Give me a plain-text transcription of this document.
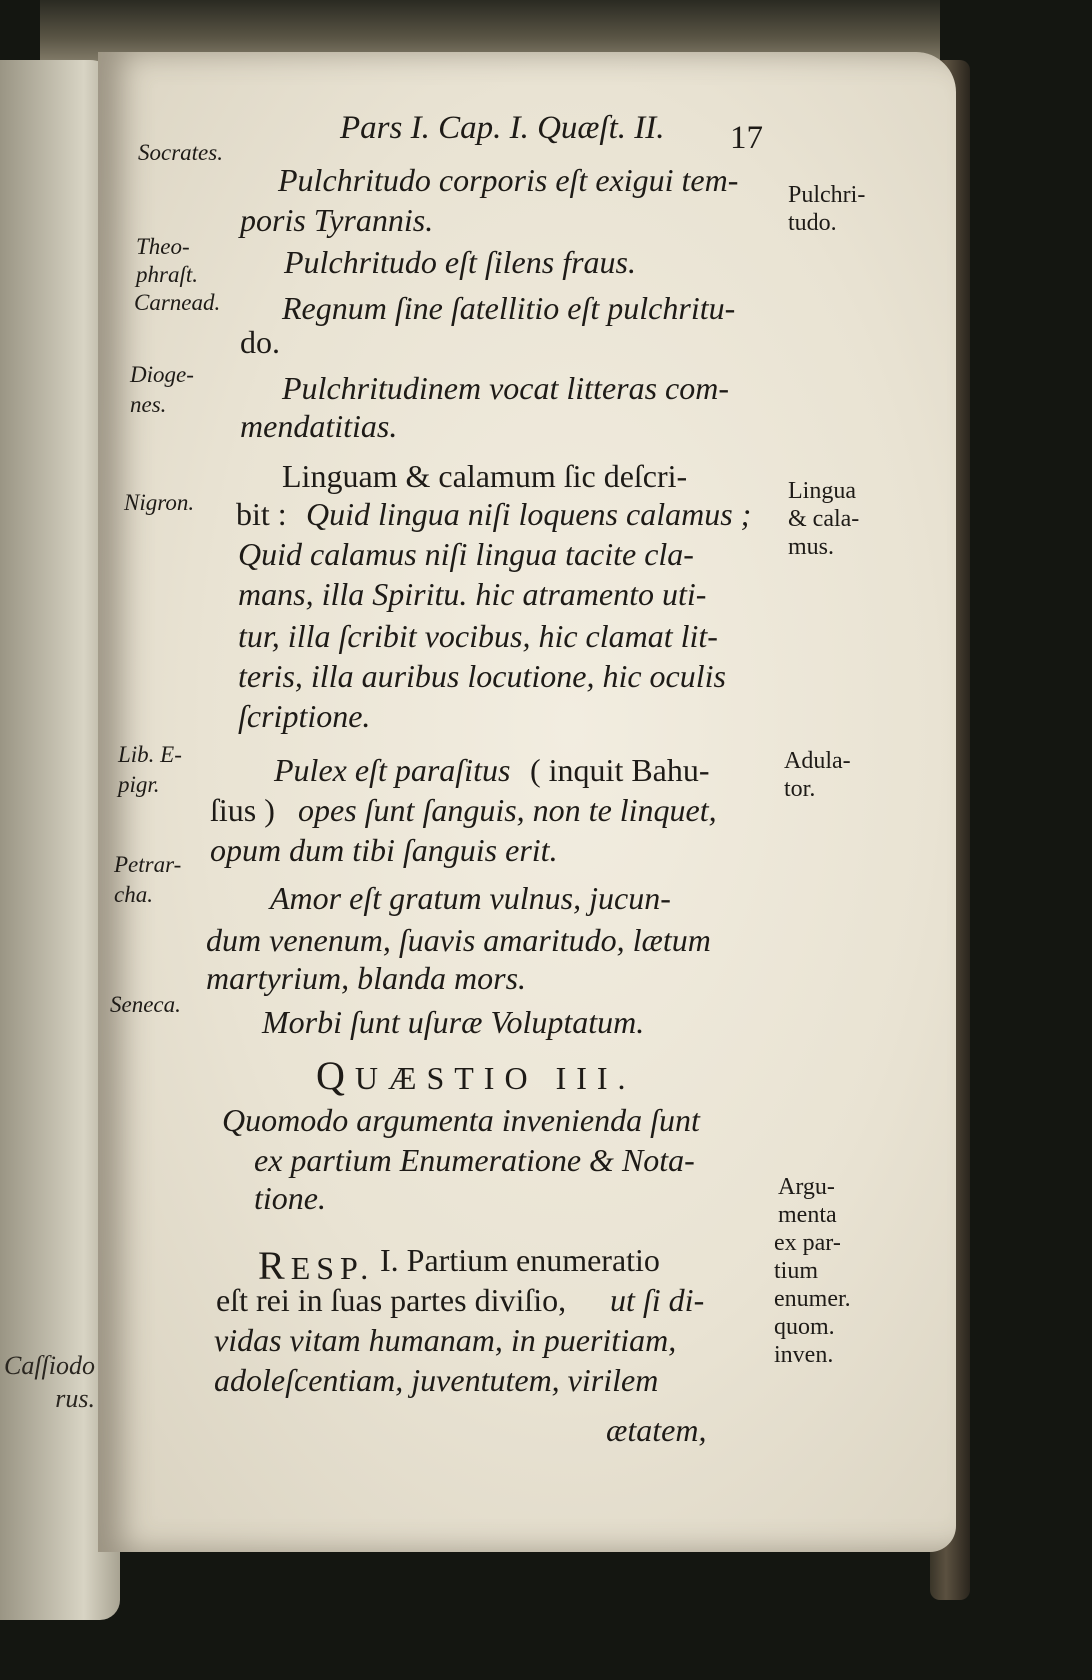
Caſſiodo
rus.
Pars I. Cap. I. Quæſt. II. 17
Socrates.
Theo-
phraſt.
Carnead.
Dioge-
nes.
Nigron.
Lib. E-
pigr.
Petrar-
cha.
Seneca.
Pulchri-
tudo.
Lingua
& cala-
mus.
Adula-
tor.
Argu-
menta
ex par-
tium
enumer.
quom.
inven.
Pulchritudo corporis eſt exigui tem-
poris Tyrannis.
Pulchritudo eſt ſilens fraus.
Regnum ſine ſatellitio eſt pulchritu-
do.
Pulchritudinem vocat litteras com-
mendatitias.
Linguam & calamum ſic deſcri-
bit : Quid lingua niſi loquens calamus ;
Quid calamus niſi lingua tacite cla-
mans, illa Spiritu. hic atramento uti-
tur, illa ſcribit vocibus, hic clamat lit-
teris, illa auribus locutione, hic oculis
ſcriptione.
Pulex eſt paraſitus ( inquit Bahu-
ſius ) opes ſunt ſanguis, non te linquet,
opum dum tibi ſanguis erit.
Amor eſt gratum vulnus, jucun-
dum venenum, ſuavis amaritudo, lætum
martyrium, blanda mors.
Morbi ſunt uſuræ Voluptatum.
QUÆSTIO III.
Quomodo argumenta invenienda ſunt
ex partium Enumeratione & Nota-
tione.
RESP. I. Partium enumeratio
eſt rei in ſuas partes diviſio, ut ſi di-
vidas vitam humanam, in pueritiam,
adoleſcentiam, juventutem, virilem
ætatem,
